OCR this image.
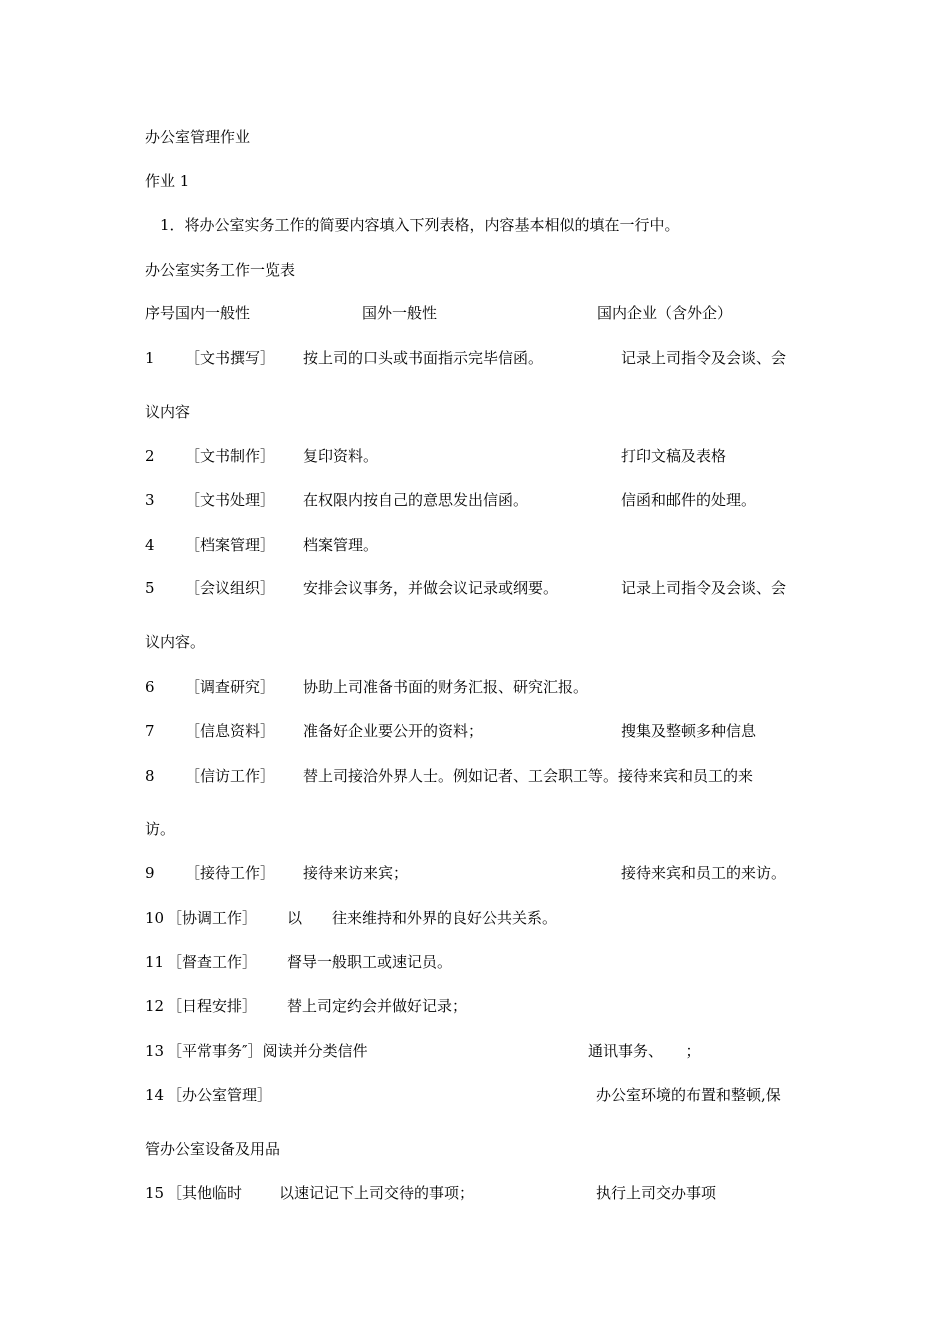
办公室管理作业
作业 1
1．将办公室实务工作的简要内容填入下列表格，内容基本相似的填在一行中。
办公室实务工作一览表
序号国内一般性	国外一般性	国内企业（含外企）
1 ［文书撰写］ 按上司的口头或书面指示完毕信函。	记录上司指令及会谈、会
议内容
2 ［文书制作］ 复印资料。	打印文稿及表格
3 ［文书处理］ 在权限内按自己的意思发出信函。	信函和邮件的处理。
4 ［档案管理］ 档案管理。
5 ［会议组织］ 安排会议事务，并做会议记录或纲要。	记录上司指令及会谈、会
议内容。
6 ［调查研究］ 协助上司准备书面的财务汇报、研究汇报。
7 ［信息资料］ 准备好企业要公开的资料；	搜集及整顿多种信息
8 ［信访工作］ 替上司接洽外界人士。例如记者、工会职工等。接待来宾和员工的来
访。
9 ［接待工作］ 接待来访来宾；	接待来宾和员工的来访。
10 ［协调工作］ 以　　往来维持和外界的良好公共关系。
11 ［督查工作］ 督导一般职工或速记员。
12 ［日程安排］ 替上司定约会并做好记录；
13 ［平常事务″］阅读并分类信件	通讯事务、　　；
14 ［办公室管理］	办公室环境的布置和整顿,保
管办公室设备及用品
15 ［其他临时 以速记记下上司交待的事项；	执行上司交办事项
